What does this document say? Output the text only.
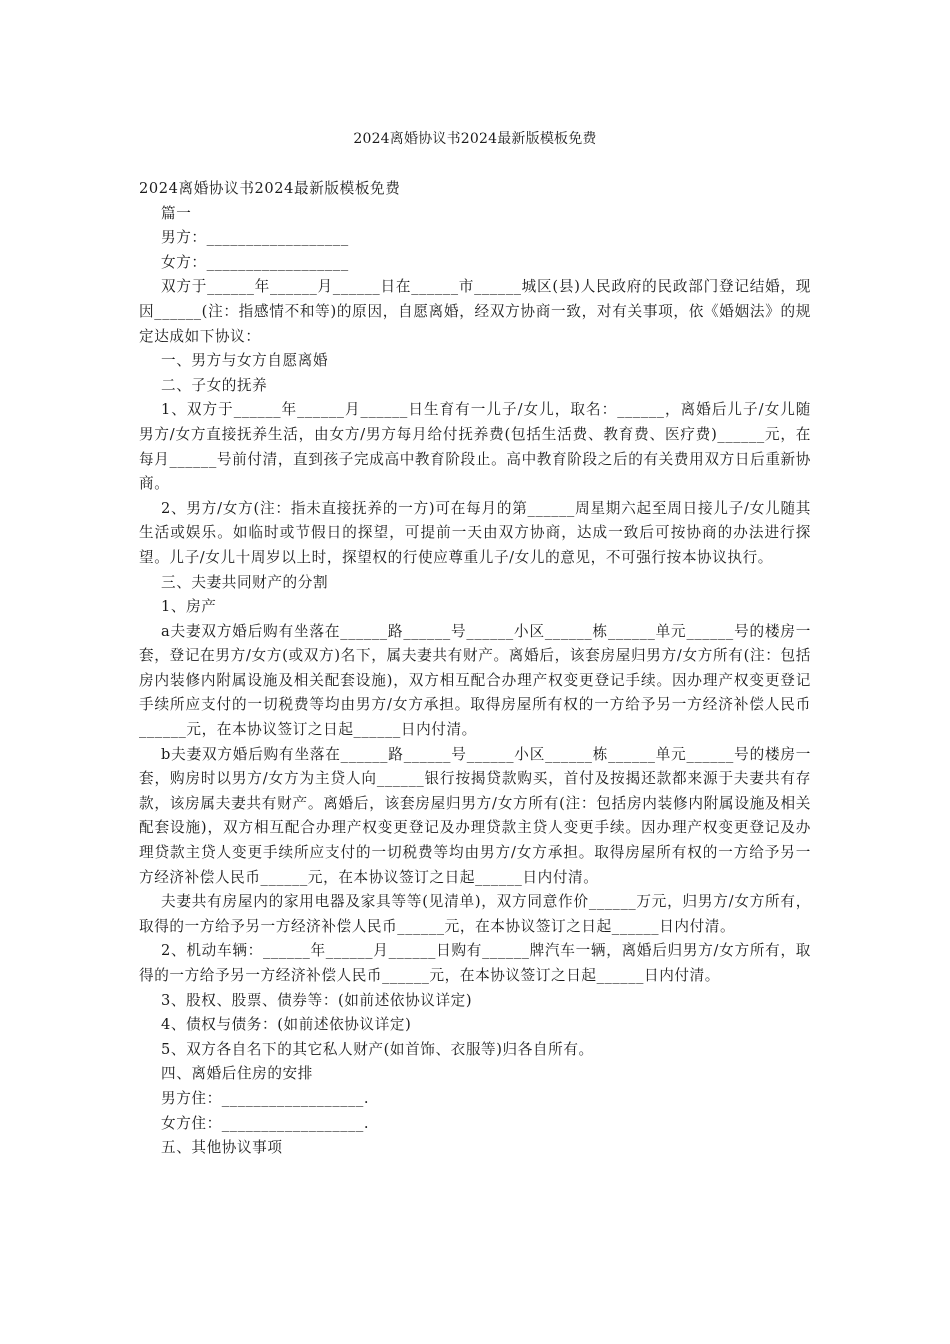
2024离婚协议书2024最新版模板免费

2024离婚协议书2024最新版模板免费

篇一

男方：__________________

女方：__________________

双方于______年______月______日在______市______城区(县)人民政府的民政部门登记结婚，现因______(注：指感情不和等)的原因，自愿离婚，经双方协商一致，对有关事项，依《婚姻法》的规定达成如下协议：

一、男方与女方自愿离婚

二、子女的抚养

1、双方于______年______月______日生育有一儿子/女儿，取名：______，离婚后儿子/女儿随男方/女方直接抚养生活，由女方/男方每月给付抚养费(包括生活费、教育费、医疗费)______元，在每月______号前付清，直到孩子完成高中教育阶段止。高中教育阶段之后的有关费用双方日后重新协商。

2、男方/女方(注：指未直接抚养的一方)可在每月的第______周星期六起至周日接儿子/女儿随其生活或娱乐。如临时或节假日的探望，可提前一天由双方协商，达成一致后可按协商的办法进行探望。儿子/女儿十周岁以上时，探望权的行使应尊重儿子/女儿的意见，不可强行按本协议执行。

三、夫妻共同财产的分割

1、房产

a夫妻双方婚后购有坐落在______路______号______小区______栋______单元______号的楼房一套，登记在男方/女方(或双方)名下，属夫妻共有财产。离婚后，该套房屋归男方/女方所有(注：包括房内装修内附属设施及相关配套设施)，双方相互配合办理产权变更登记手续。因办理产权变更登记手续所应支付的一切税费等均由男方/女方承担。取得房屋所有权的一方给予另一方经济补偿人民币______元，在本协议签订之日起______日内付清。

b夫妻双方婚后购有坐落在______路______号______小区______栋______单元______号的楼房一套，购房时以男方/女方为主贷人向______银行按揭贷款购买，首付及按揭还款都来源于夫妻共有存款，该房属夫妻共有财产。离婚后，该套房屋归男方/女方所有(注：包括房内装修内附属设施及相关配套设施)，双方相互配合办理产权变更登记及办理贷款主贷人变更手续。因办理产权变更登记及办理贷款主贷人变更手续所应支付的一切税费等均由男方/女方承担。取得房屋所有权的一方给予另一方经济补偿人民币______元，在本协议签订之日起______日内付清。

夫妻共有房屋内的家用电器及家具等等(见清单)，双方同意作价______万元，归男方/女方所有，取得的一方给予另一方经济补偿人民币______元，在本协议签订之日起______日内付清。

2、机动车辆：______年______月______日购有______牌汽车一辆，离婚后归男方/女方所有，取得的一方给予另一方经济补偿人民币______元，在本协议签订之日起______日内付清。

3、股权、股票、债券等：(如前述依协议详定)

4、债权与债务：(如前述依协议详定)

5、双方各自名下的其它私人财产(如首饰、衣服等)归各自所有。

四、离婚后住房的安排

男方住：__________________.

女方住：__________________.

五、其他协议事项
